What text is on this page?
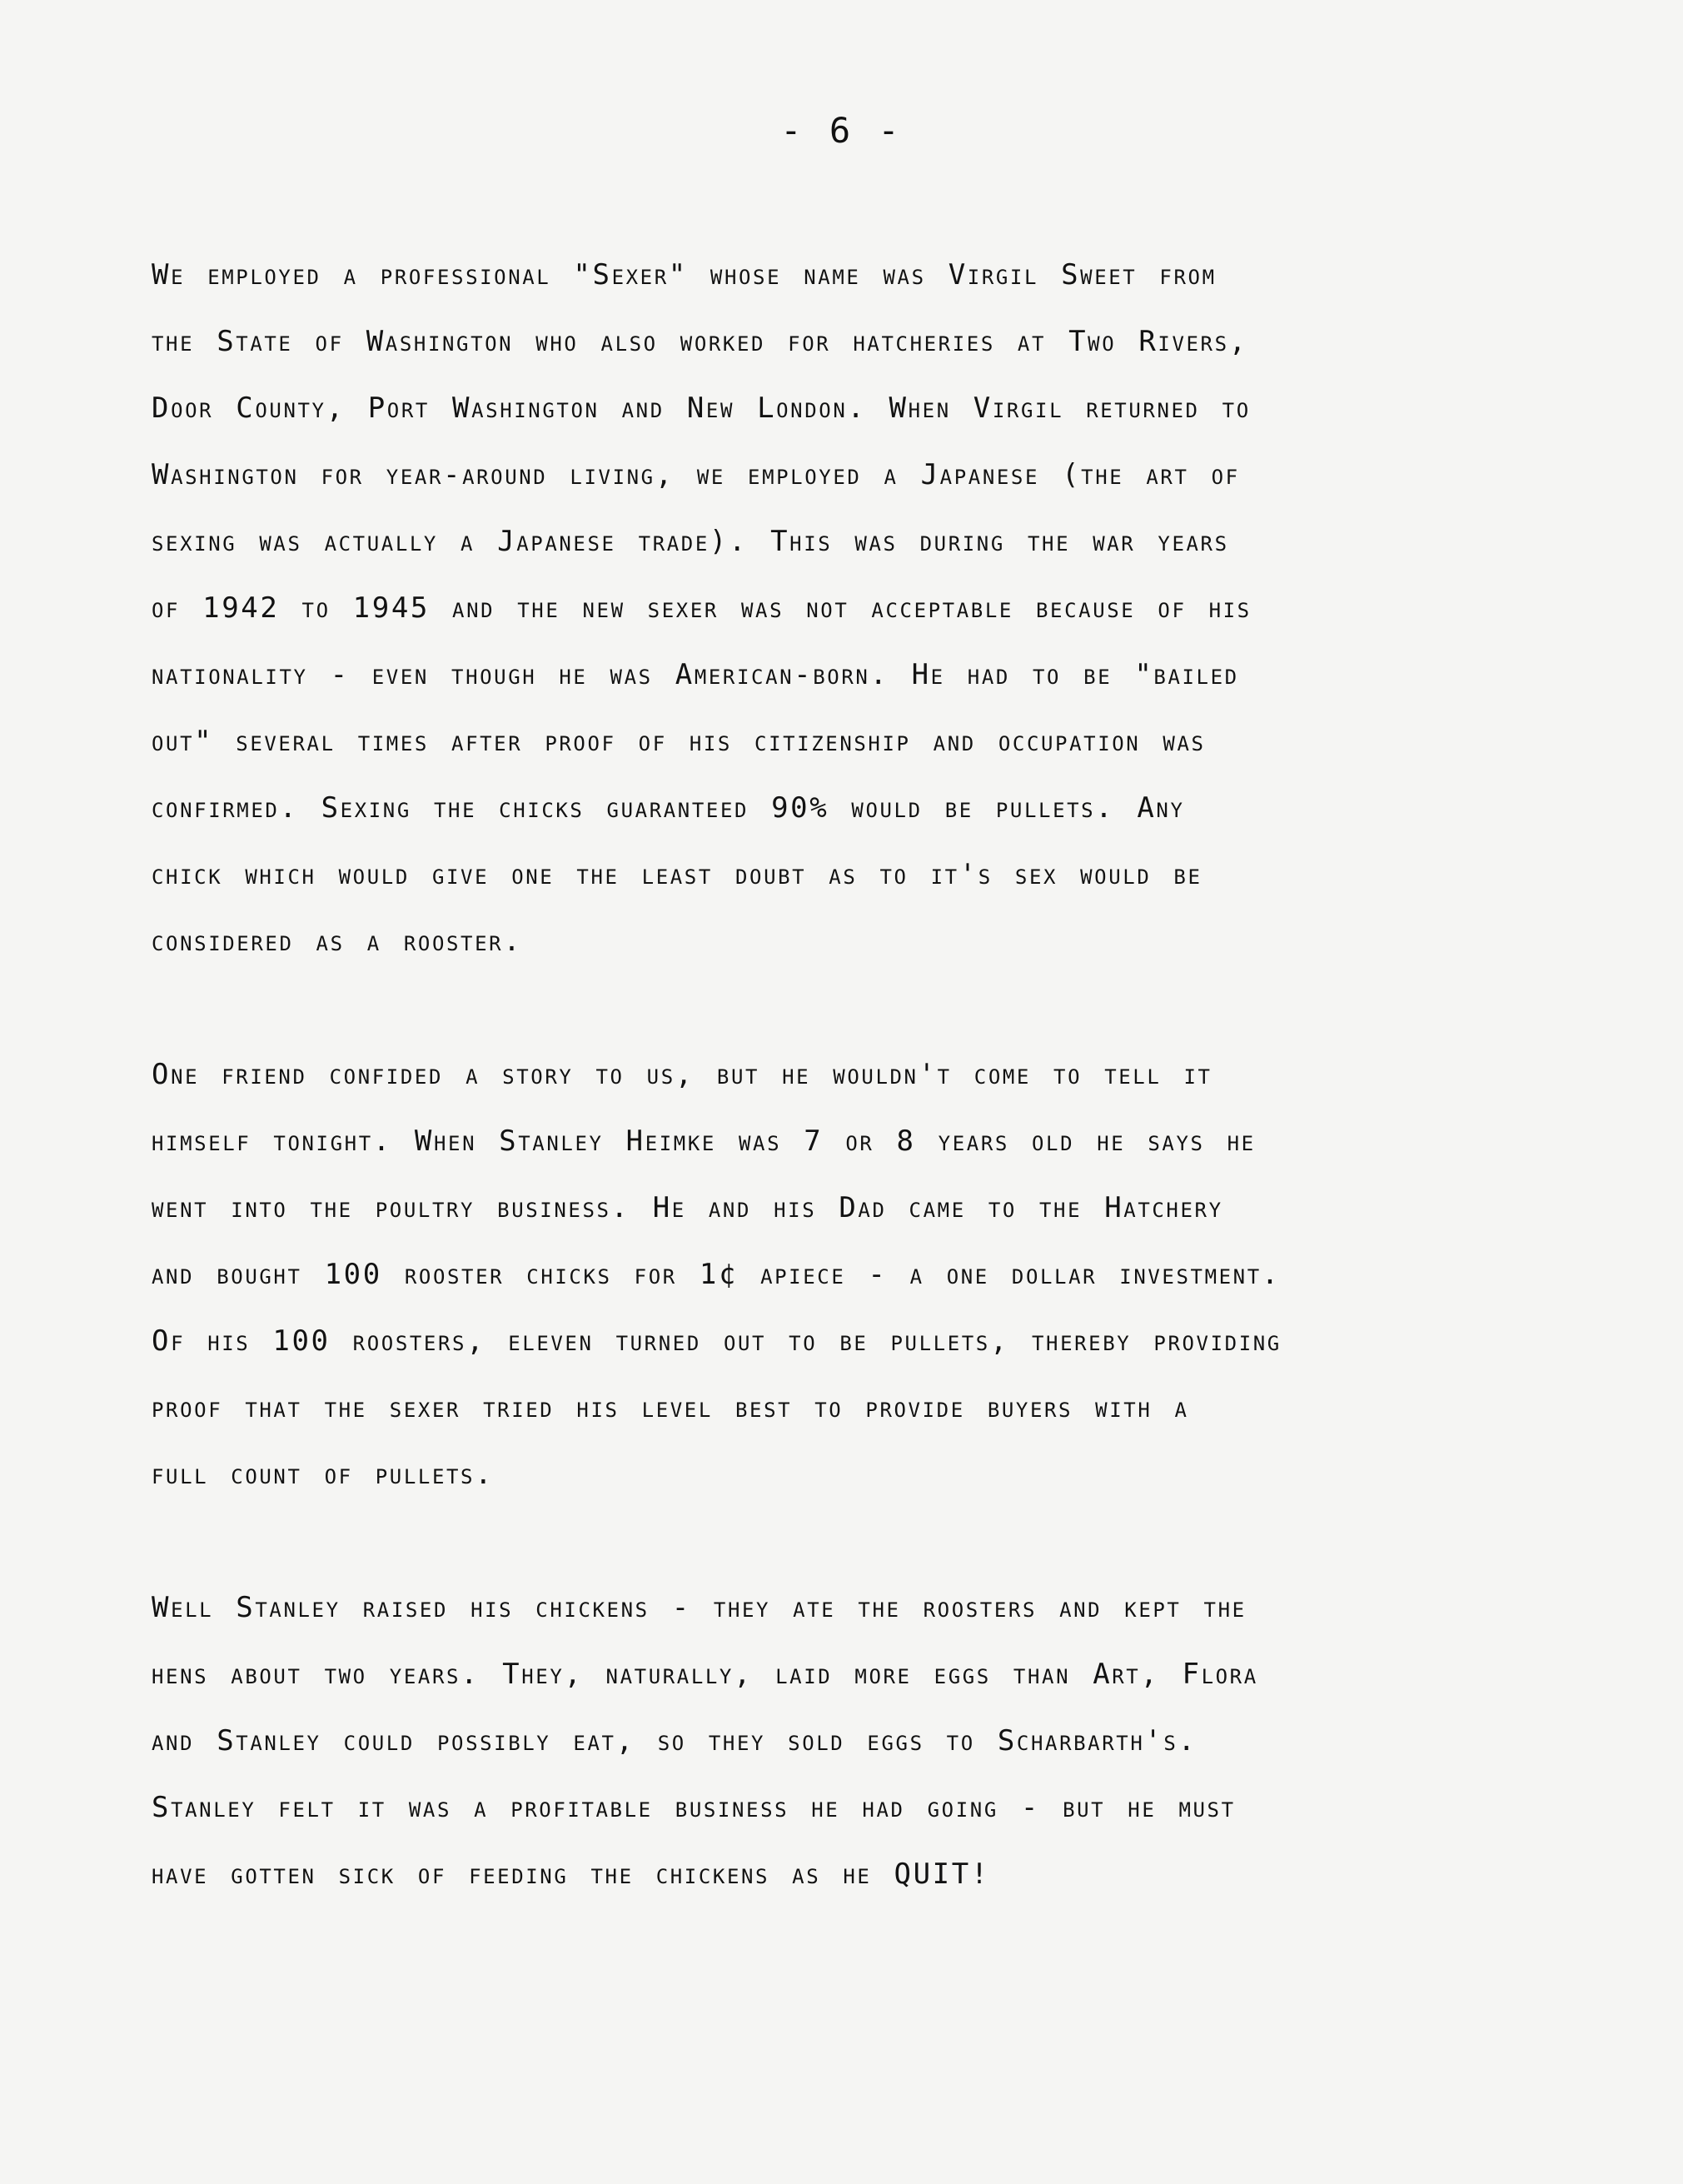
- 6 -
We employed a professional "Sexer" whose name was Virgil Sweet from
the State of Washington who also worked for hatcheries at Two Rivers,
Door County, Port Washington and New London. When Virgil returned to
Washington for year-around living, we employed a Japanese (the art of
sexing was actually a Japanese trade). This was during the war years
of 1942 to 1945 and the new sexer was not acceptable because of his
nationality - even though he was American-born. He had to be "bailed
out" several times after proof of his citizenship and occupation was
confirmed. Sexing the chicks guaranteed 90% would be pullets. Any
chick which would give one the least doubt as to it's sex would be
considered as a rooster.
One friend confided a story to us, but he wouldn't come to tell it
himself tonight. When Stanley Heimke was 7 or 8 years old he says he
went into the poultry business. He and his Dad came to the Hatchery
and bought 100 rooster chicks for 1¢ apiece - a one dollar investment.
Of his 100 roosters, eleven turned out to be pullets, thereby providing
proof that the sexer tried his level best to provide buyers with a
full count of pullets.
Well Stanley raised his chickens - they ate the roosters and kept the
hens about two years. They, naturally, laid more eggs than Art, Flora
and Stanley could possibly eat, so they sold eggs to Scharbarth's.
Stanley felt it was a profitable business he had going - but he must
have gotten sick of feeding the chickens as he QUIT!
